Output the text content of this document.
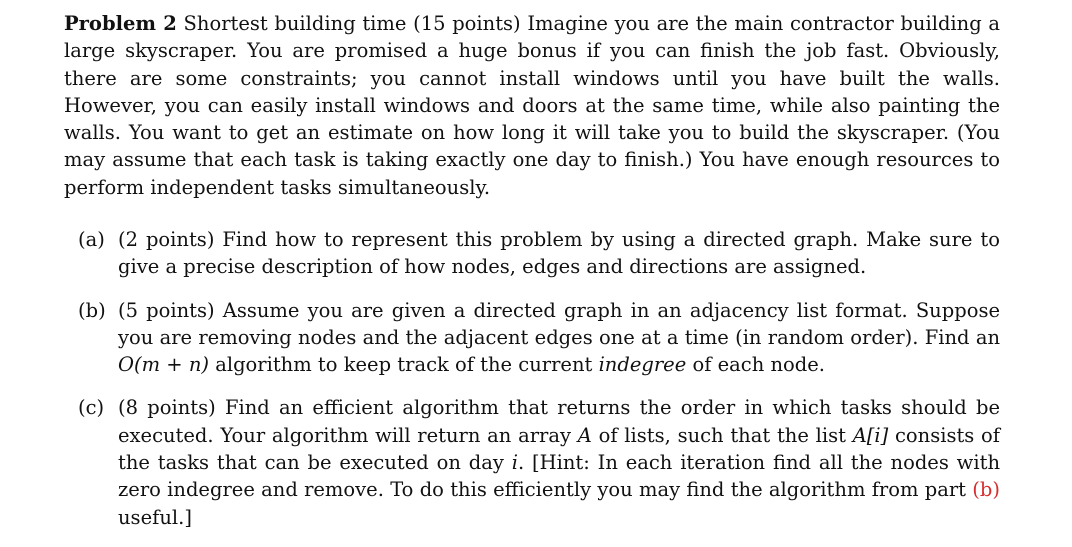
Problem 2 Shortest building time (15 points) Imagine you are the main contractor building a large skyscraper. You are promised a huge bonus if you can finish the job fast. Obviously, there are some constraints; you cannot install windows until you have built the walls. However, you can easily install windows and doors at the same time, while also painting the walls. You want to get an estimate on how long it will take you to build the skyscraper. (You may assume that each task is taking exactly one day to finish.) You have enough resources to perform independent tasks simultaneously.

(a) (2 points) Find how to represent this problem by using a directed graph. Make sure to give a precise description of how nodes, edges and directions are assigned.
(b) (5 points) Assume you are given a directed graph in an adjacency list format. Suppose you are removing nodes and the adjacent edges one at a time (in random order). Find an O(m + n) algorithm to keep track of the current indegree of each node.
(c) (8 points) Find an efficient algorithm that returns the order in which tasks should be executed. Your algorithm will return an array A of lists, such that the list A[i] consists of the tasks that can be executed on day i. [Hint: In each iteration find all the nodes with zero indegree and remove. To do this efficiently you may find the algorithm from part (b) useful.]
